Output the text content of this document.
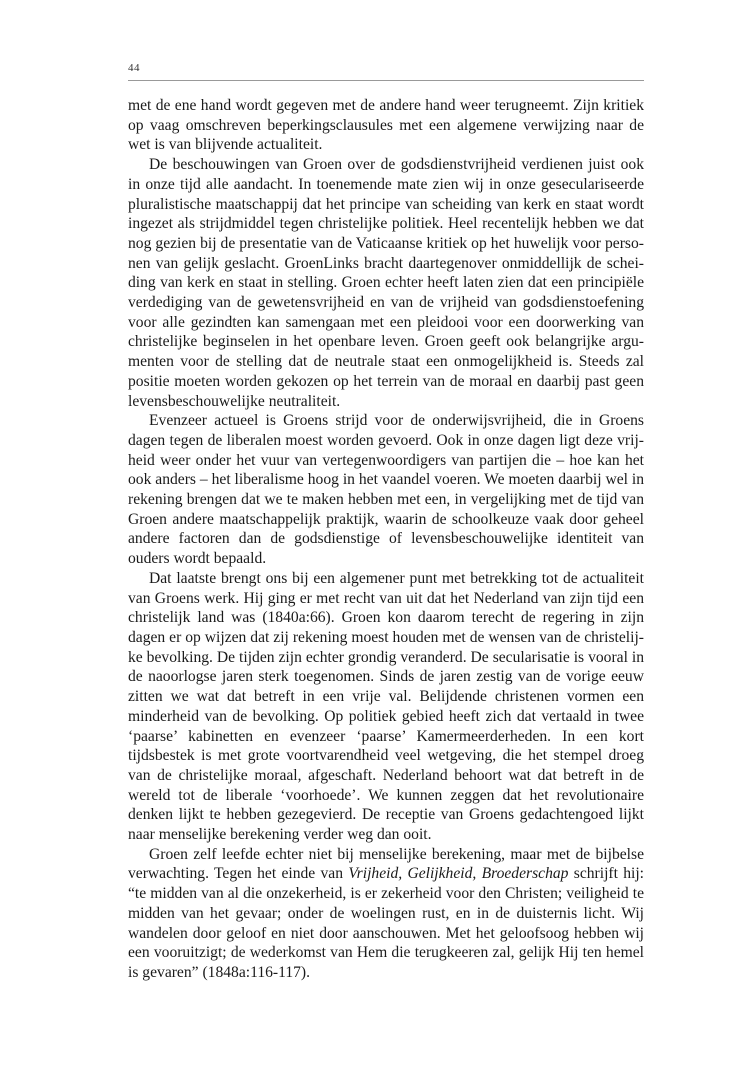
44

met de ene hand wordt gegeven met de andere hand weer terugneemt. Zijn kritiek op vaag omschreven beperkingsclausules met een algemene verwijzing naar de wet is van blijvende actualiteit.

De beschouwingen van Groen over de godsdienstvrijheid verdienen juist ook in onze tijd alle aandacht. In toenemende mate zien wij in onze geseculariseerde pluralistische maatschappij dat het principe van scheiding van kerk en staat wordt ingezet als strijdmiddel tegen christelijke politiek. Heel recentelijk hebben we dat nog gezien bij de presentatie van de Vaticaanse kritiek op het huwelijk voor personen van gelijk geslacht. GroenLinks bracht daartegenover onmiddellijk de scheiding van kerk en staat in stelling. Groen echter heeft laten zien dat een principiële verdediging van de gewetensvrijheid en van de vrijheid van godsdienstoefening voor alle gezindten kan samengaan met een pleidooi voor een doorwerking van christelijke beginselen in het openbare leven. Groen geeft ook belangrijke argumenten voor de stelling dat de neutrale staat een onmogelijkheid is. Steeds zal positie moeten worden gekozen op het terrein van de moraal en daarbij past geen levensbeschouwelijke neutraliteit.

Evenzeer actueel is Groens strijd voor de onderwijsvrijheid, die in Groens dagen tegen de liberalen moest worden gevoerd. Ook in onze dagen ligt deze vrijheid weer onder het vuur van vertegenwoordigers van partijen die – hoe kan het ook anders – het liberalisme hoog in het vaandel voeren. We moeten daarbij wel in rekening brengen dat we te maken hebben met een, in vergelijking met de tijd van Groen andere maatschappelijk praktijk, waarin de schoolkeuze vaak door geheel andere factoren dan de godsdienstige of levensbeschouwelijke identiteit van ouders wordt bepaald.

Dat laatste brengt ons bij een algemener punt met betrekking tot de actualiteit van Groens werk. Hij ging er met recht van uit dat het Nederland van zijn tijd een christelijk land was (1840a:66). Groen kon daarom terecht de regering in zijn dagen er op wijzen dat zij rekening moest houden met de wensen van de christelijke bevolking. De tijden zijn echter grondig veranderd. De secularisatie is vooral in de naoorlogse jaren sterk toegenomen. Sinds de jaren zestig van de vorige eeuw zitten we wat dat betreft in een vrije val. Belijdende christenen vormen een minderheid van de bevolking. Op politiek gebied heeft zich dat vertaald in twee ‘paarse’ kabinetten en evenzeer ‘paarse’ Kamermeerderheden. In een kort tijdsbestek is met grote voortvarendheid veel wetgeving, die het stempel droeg van de christelijke moraal, afgeschaft. Nederland behoort wat dat betreft in de wereld tot de liberale ‘voorhoede’. We kunnen zeggen dat het revolutionaire denken lijkt te hebben gezegevierd. De receptie van Groens gedachtengoed lijkt naar menselijke berekening verder weg dan ooit.

Groen zelf leefde echter niet bij menselijke berekening, maar met de bijbelse verwachting. Tegen het einde van Vrijheid, Gelijkheid, Broederschap schrijft hij: “te midden van al die onzekerheid, is er zekerheid voor den Christen; veiligheid te midden van het gevaar; onder de woelingen rust, en in de duisternis licht. Wij wandelen door geloof en niet door aanschouwen. Met het geloofsoog hebben wij een vooruitzigt; de wederkomst van Hem die terugkeeren zal, gelijk Hij ten hemel is gevaren” (1848a:116-117).
